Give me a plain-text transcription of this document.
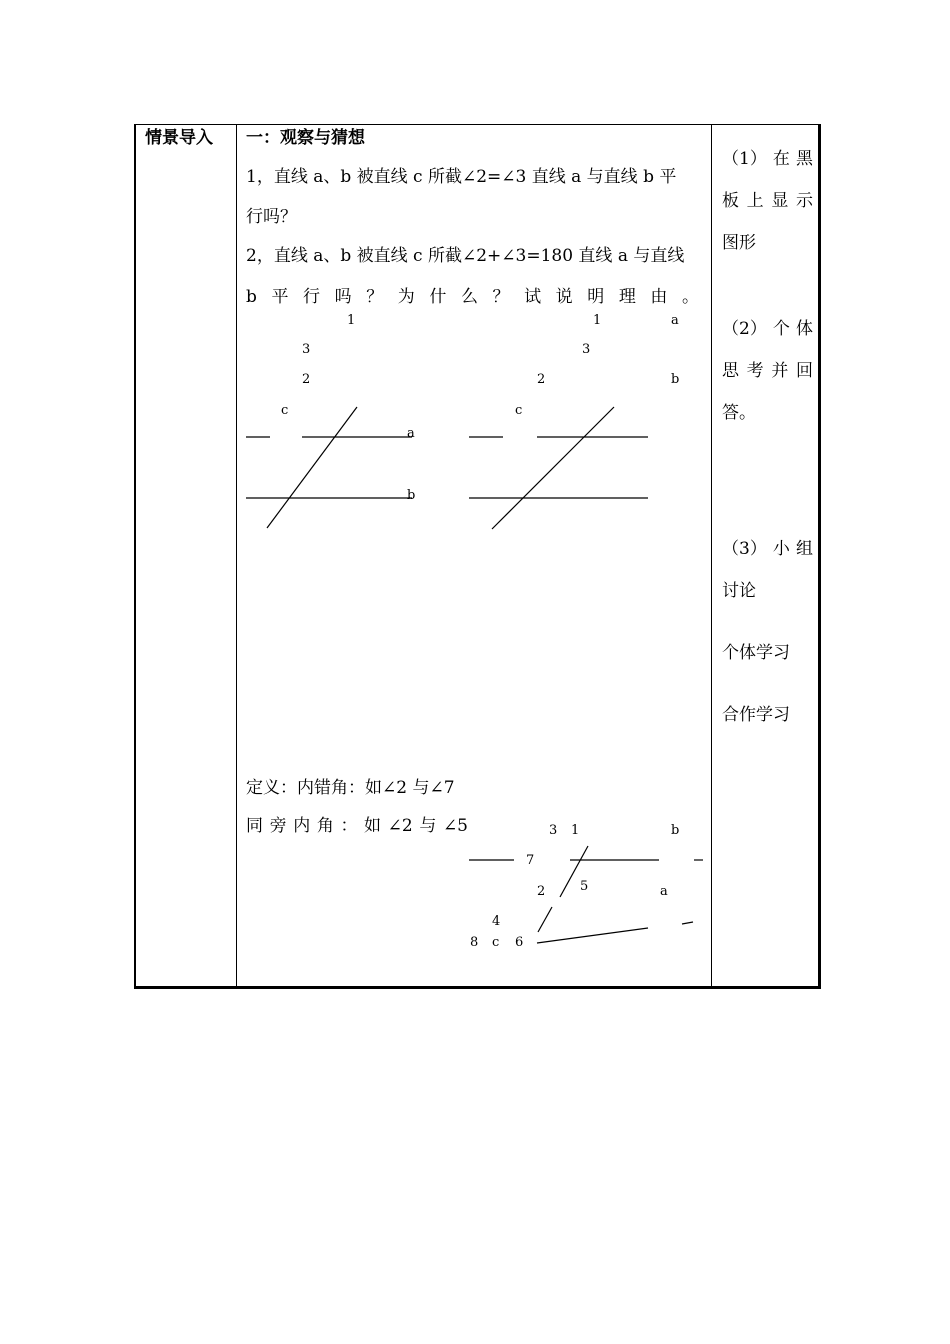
情景导入 一：观察与猜想
1，直线 a、b 被直线 c 所截∠2=∠3 直线 a 与直线 b 平
行吗？
2，直线 a、b 被直线 c 所截∠2+∠3=180 直线 a 与直线
b 平 行 吗 ？ 为 什 么 ？ 试 说 明 理 由 。
定义：内错角：如∠2 与∠7
同 旁 内 角 ： 如 ∠2 与 ∠5
1
3
2
c
a
b
1	a
3
2	b
c
3 1	b
7
2	5	a
4
8 c 6
（1） 在 黑
板 上 显 示
图形
（2） 个 体
思 考 并 回
答。
（3） 小 组
讨论
个体学习
合作学习
